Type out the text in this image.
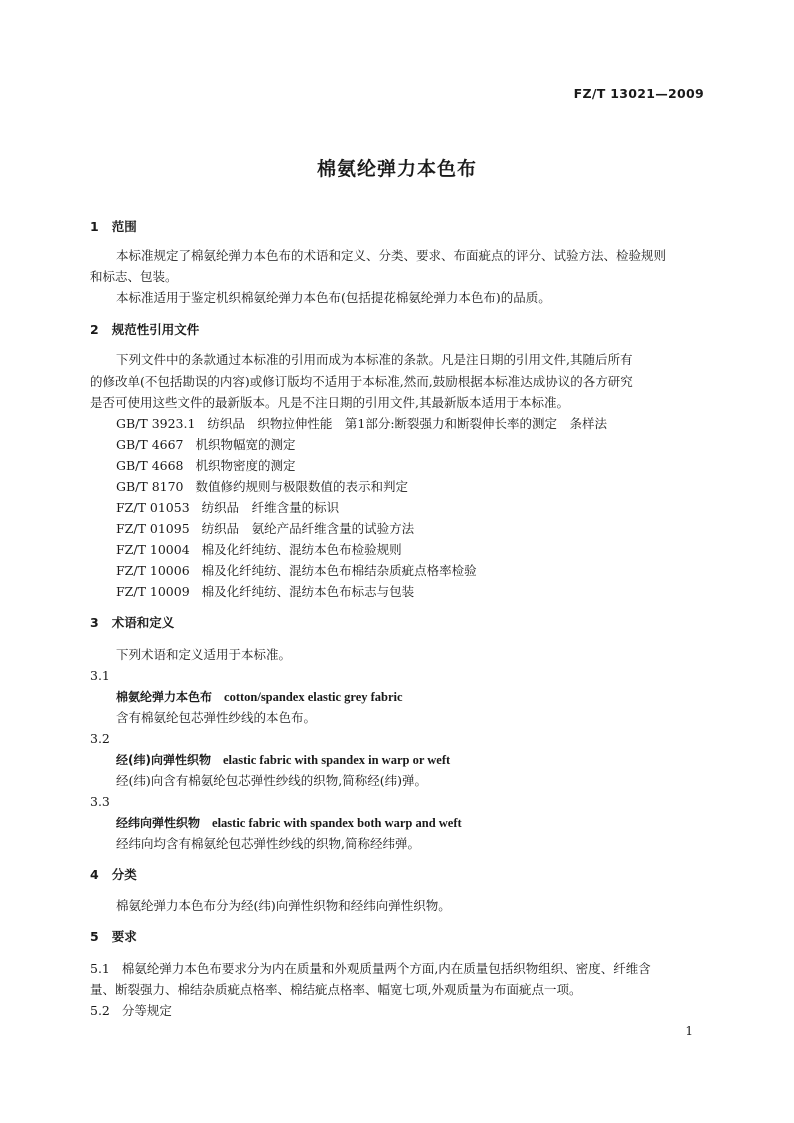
FZ/T 13021—2009
棉氨纶弹力本色布
1 范围
本标准规定了棉氨纶弹力本色布的术语和定义、分类、要求、布面疵点的评分、试验方法、检验规则
和标志、包装。
本标准适用于鉴定机织棉氨纶弹力本色布(包括提花棉氨纶弹力本色布)的品质。
2 规范性引用文件
下列文件中的条款通过本标准的引用而成为本标准的条款。凡是注日期的引用文件,其随后所有
的修改单(不包括勘误的内容)或修订版均不适用于本标准,然而,鼓励根据本标准达成协议的各方研究
是否可使用这些文件的最新版本。凡是不注日期的引用文件,其最新版本适用于本标准。
GB/T 3923.1 纺织品　织物拉伸性能　第1部分:断裂强力和断裂伸长率的测定　条样法
GB/T 4667 机织物幅宽的测定
GB/T 4668 机织物密度的测定
GB/T 8170 数值修约规则与极限数值的表示和判定
FZ/T 01053 纺织品　纤维含量的标识
FZ/T 01095 纺织品　氨纶产品纤维含量的试验方法
FZ/T 10004 棉及化纤纯纺、混纺本色布检验规则
FZ/T 10006 棉及化纤纯纺、混纺本色布棉结杂质疵点格率检验
FZ/T 10009 棉及化纤纯纺、混纺本色布标志与包装
3 术语和定义
下列术语和定义适用于本标准。
3.1
棉氨纶弹力本色布 cotton/spandex elastic grey fabric
含有棉氨纶包芯弹性纱线的本色布。
3.2
经(纬)向弹性织物 elastic fabric with spandex in warp or weft
经(纬)向含有棉氨纶包芯弹性纱线的织物,简称经(纬)弹。
3.3
经纬向弹性织物 elastic fabric with spandex both warp and weft
经纬向均含有棉氨纶包芯弹性纱线的织物,简称经纬弹。
4 分类
棉氨纶弹力本色布分为经(纬)向弹性织物和经纬向弹性织物。
5 要求
5.1 棉氨纶弹力本色布要求分为内在质量和外观质量两个方面,内在质量包括织物组织、密度、纤维含
量、断裂强力、棉结杂质疵点格率、棉结疵点格率、幅宽七项,外观质量为布面疵点一项。
5.2 分等规定
1
